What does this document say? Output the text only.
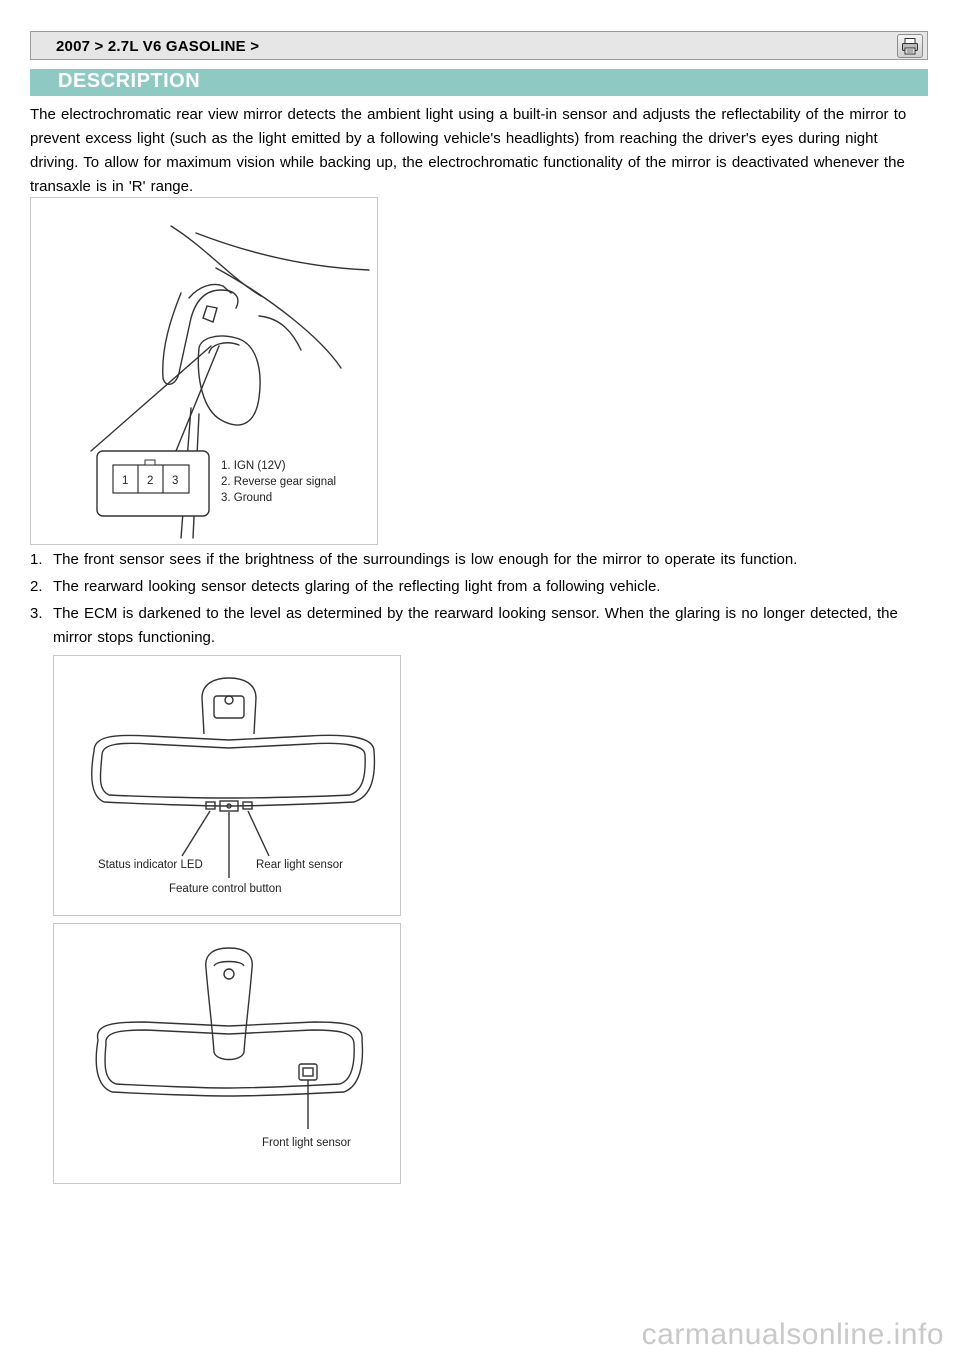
2007 > 2.7L V6 GASOLINE >
DESCRIPTION

The electrochromatic rear view mirror detects the ambient light using a built-in sensor and adjusts the reflectability of the mirror to prevent excess light (such as the light emitted by a following vehicle's headlights) from reaching the driver's eyes during night driving. To allow for maximum vision while backing up, the electrochromatic functionality of the mirror is deactivated whenever the transaxle is in 'R' range.

1 2 3
1. IGN (12V)
2. Reverse gear signal
3. Ground
1. The front sensor sees if the brightness of the surroundings is low enough for the mirror to operate its function.
2. The rearward looking sensor detects glaring of the reflecting light from a following vehicle.
3. The ECM is darkened to the level as determined by the rearward looking sensor. When the glaring is no longer detected, the mirror stops functioning.
Status indicator LED	Rear light sensor
Feature control button
Front light sensor
carmanualsonline.info
